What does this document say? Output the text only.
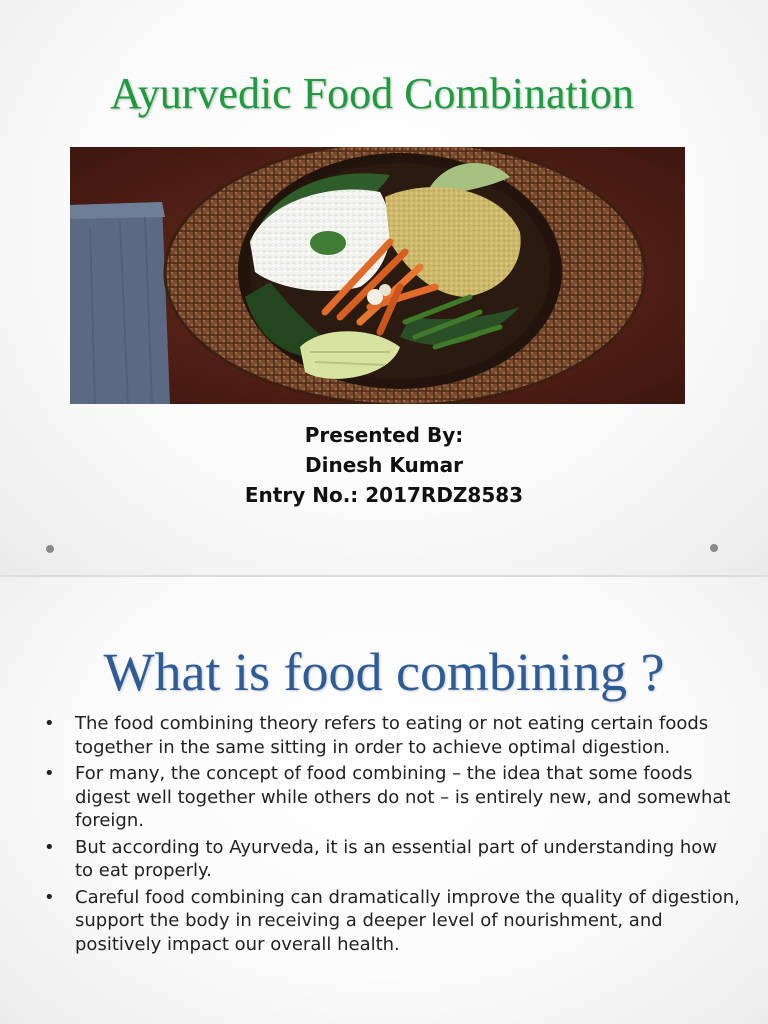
Ayurvedic Food Combination
Presented By:
Dinesh Kumar
Entry No.: 2017RDZ8583
What is food combining ?
• The food combining theory refers to eating or not eating certain foods together in the same sitting in order to achieve optimal digestion.
• For many, the concept of food combining – the idea that some foods digest well together while others do not – is entirely new, and somewhat foreign.
• But according to Ayurveda, it is an essential part of understanding how to eat properly.
• Careful food combining can dramatically improve the quality of digestion, support the body in receiving a deeper level of nourishment, and positively impact our overall health.
